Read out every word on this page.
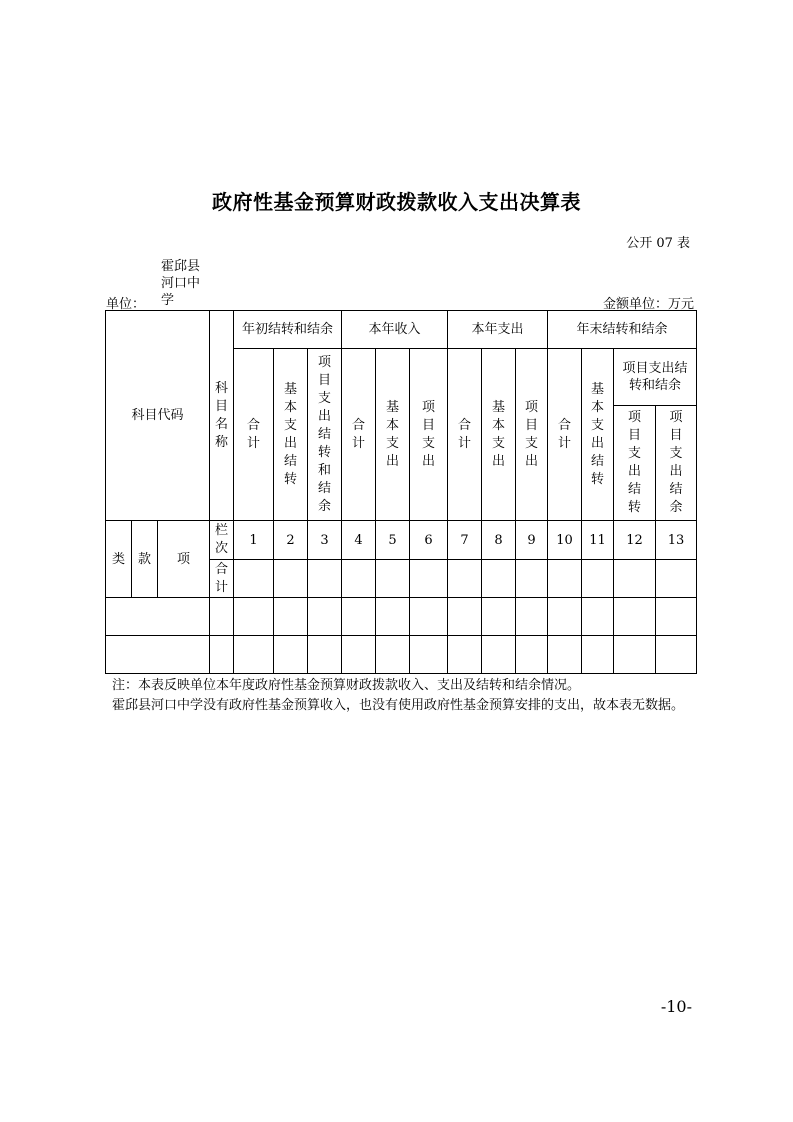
政府性基金预算财政拨款收入支出决算表
公开 07 表
霍邱县
河口中
学
单位：	金额单位：万元
科目代码			科目名称	年初结转和结余			本年收入			本年支出			年末结转和结余			
				合计	基本支出结转	项目支出结转和结余	合计	基本支出	项目支出	合计	基本支出	项目支出	合计	基本支出结转	项目支出结转和结余	
															项目支出结转	项目支出结余
类	款	项	栏次	1	2	3	4	5	6	7	8	9	10	11	12	13
			合计													

注：本表反映单位本年度政府性基金预算财政拨款收入、支出及结转和结余情况。
霍邱县河口中学没有政府性基金预算收入，也没有使用政府性基金预算安排的支出，故本表无数据。
-10-
